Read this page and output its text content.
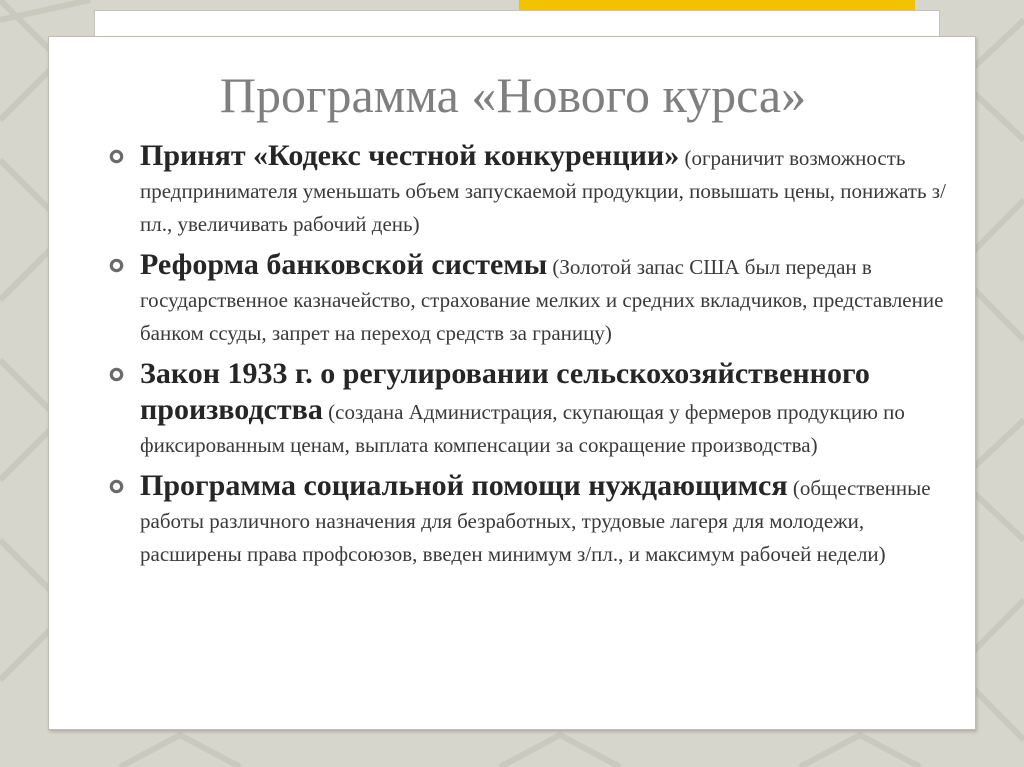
Программа «Нового курса»
Принят «Кодекс честной конкуренции» (ограничит возможность предпринимателя уменьшать объем запускаемой продукции, повышать цены, понижать з/пл., увеличивать рабочий день)
Реформа банковской системы (Золотой запас США был передан в государственное казначейство, страхование мелких и средних вкладчиков, представление банком ссуды, запрет на переход средств за границу)
Закон 1933 г. о регулировании сельскохозяйственного производства (создана Администрация, скупающая у фермеров продукцию по фиксированным ценам, выплата компенсации за сокращение производства)
Программа социальной помощи нуждающимся (общественные работы различного назначения для безработных, трудовые лагеря для молодежи, расширены права профсоюзов, введен минимум з/пл., и максимум рабочей недели)
